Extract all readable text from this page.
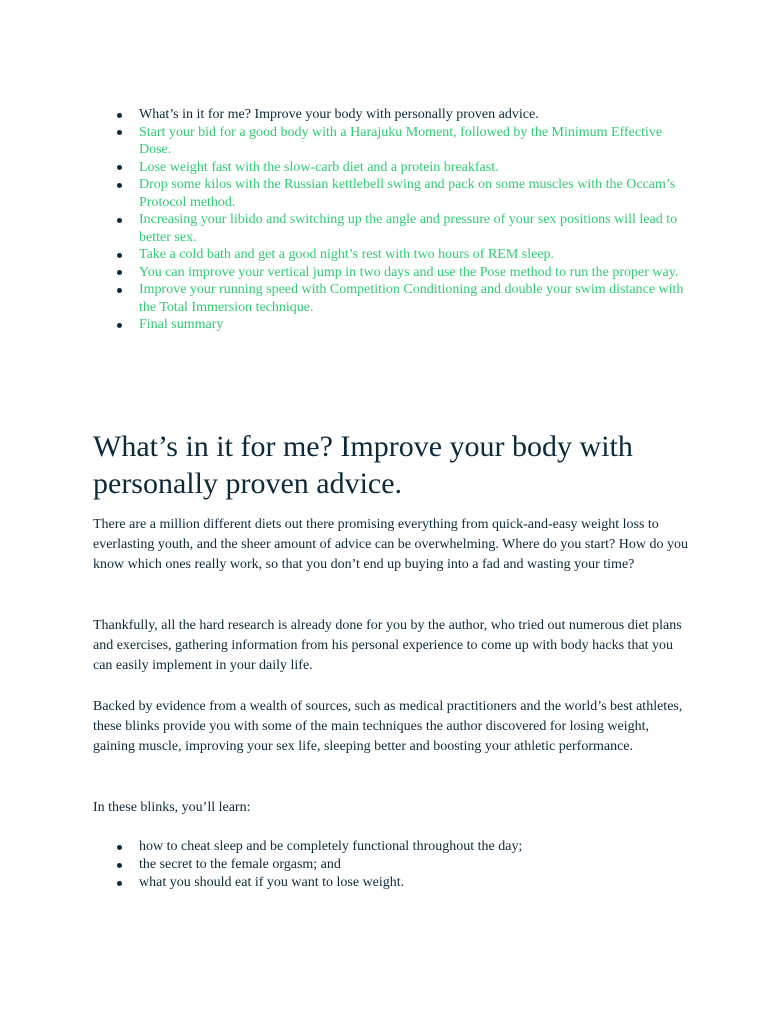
What’s in it for me? Improve your body with personally proven advice.
Start your bid for a good body with a Harajuku Moment, followed by the Minimum Effective Dose.
Lose weight fast with the slow-carb diet and a protein breakfast.
Drop some kilos with the Russian kettlebell swing and pack on some muscles with the Occam’s Protocol method.
Increasing your libido and switching up the angle and pressure of your sex positions will lead to better sex.
Take a cold bath and get a good night’s rest with two hours of REM sleep.
You can improve your vertical jump in two days and use the Pose method to run the proper way.
Improve your running speed with Competition Conditioning and double your swim distance with the Total Immersion technique.
Final summary
What’s in it for me? Improve your body with personally proven advice.

There are a million different diets out there promising everything from quick-and-easy weight loss to everlasting youth, and the sheer amount of advice can be overwhelming. Where do you start? How do you know which ones really work, so that you don’t end up buying into a fad and wasting your time?

Thankfully, all the hard research is already done for you by the author, who tried out numerous diet plans and exercises, gathering information from his personal experience to come up with body hacks that you can easily implement in your daily life.

Backed by evidence from a wealth of sources, such as medical practitioners and the world’s best athletes, these blinks provide you with some of the main techniques the author discovered for losing weight, gaining muscle, improving your sex life, sleeping better and boosting your athletic performance.

In these blinks, you’ll learn:

how to cheat sleep and be completely functional throughout the day;
the secret to the female orgasm; and
what you should eat if you want to lose weight.
